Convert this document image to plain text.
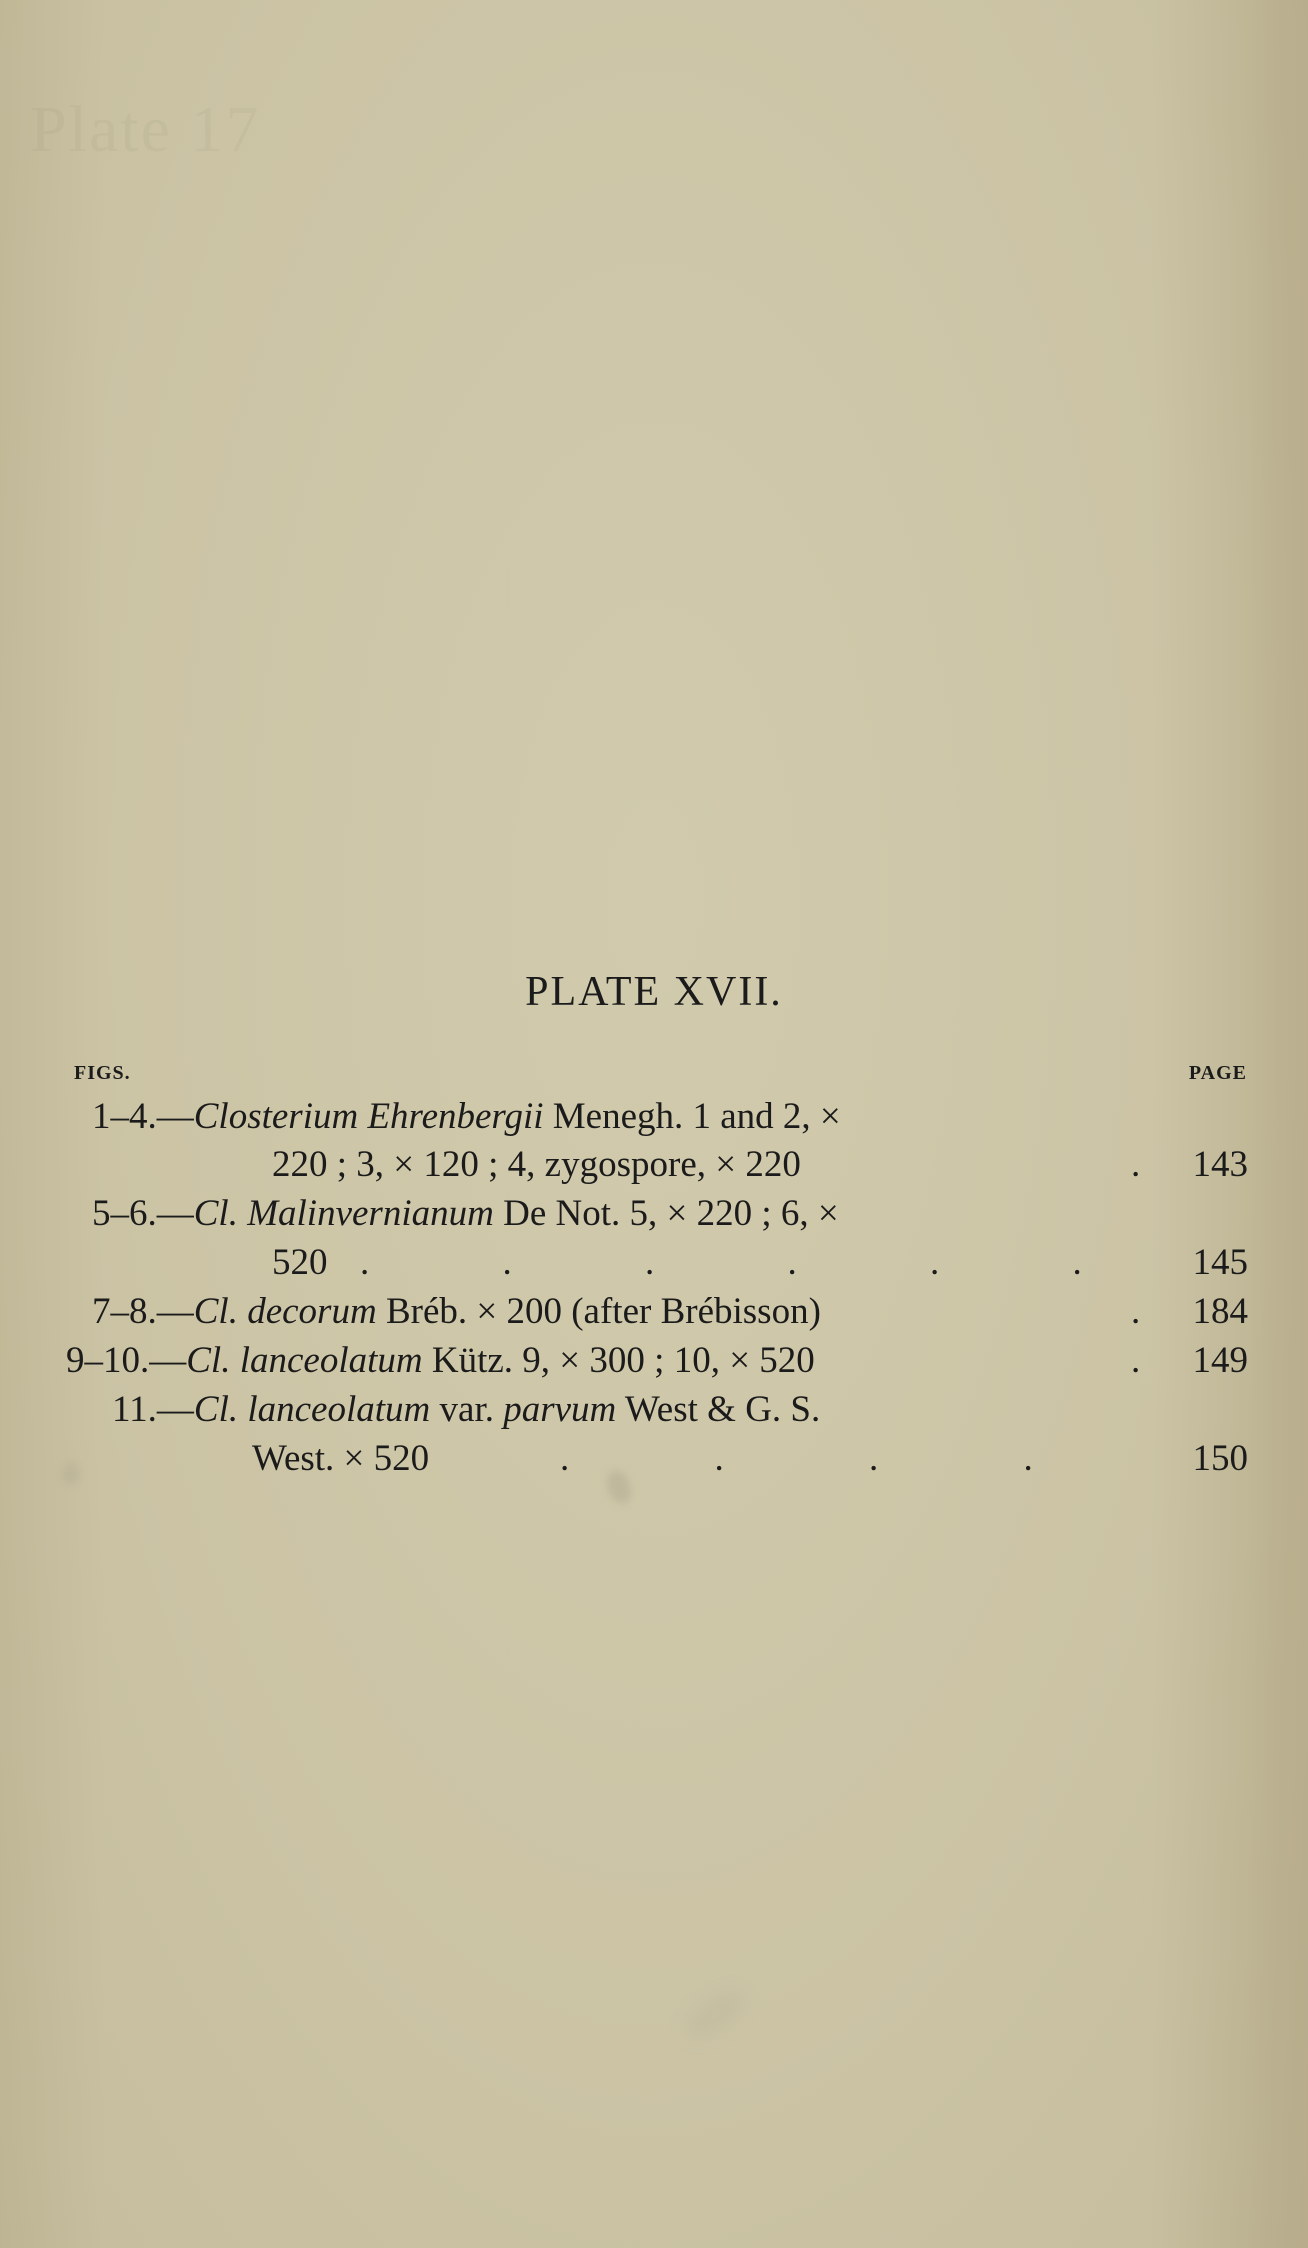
Plate 17
PLATE XVII.
FIGS.	PAGE
1–4.—Closterium Ehrenbergii Menegh. 1 and 2, ×
220 ; 3, × 120 ; 4, zygospore, × 220	. 143
5–6.—Cl. Malinvernianum De Not. 5, × 220 ; 6, ×
520 . . . . . .	145
7–8.—Cl. decorum Bréb. × 200 (after Brébisson)	. 184
9–10.—Cl. lanceolatum Kütz. 9, × 300 ; 10, × 520	. 149
11.—Cl. lanceolatum var. parvum West & G. S.
West. × 520	. . . .	150
